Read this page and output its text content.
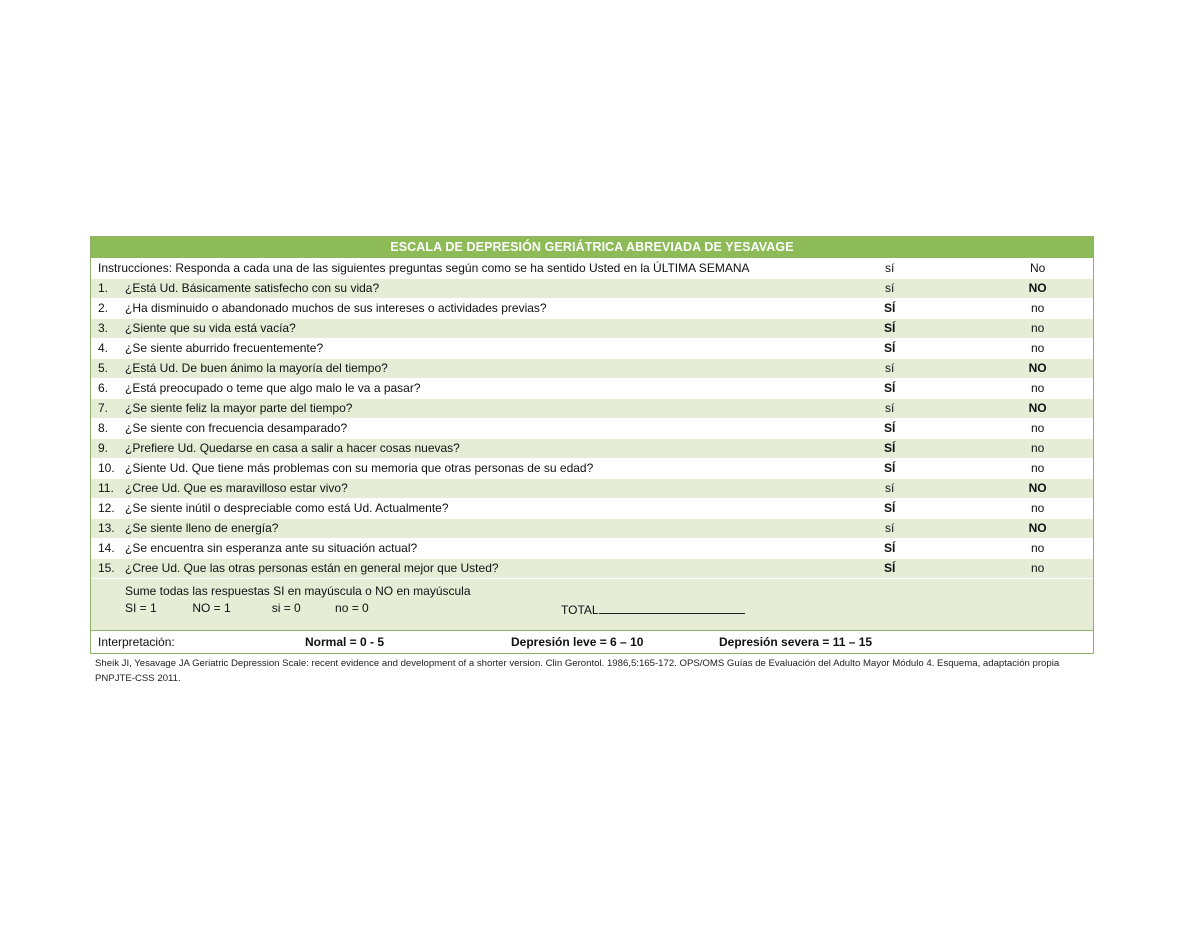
ESCALA DE DEPRESIÓN GERIÁTRICA ABREVIADA DE YESAVAGE
Instrucciones: Responda a cada una de las siguientes preguntas según como se ha sentido Usted en la ÚLTIMA SEMANA	sí	No
1. ¿Está Ud. Básicamente satisfecho con su vida?	sí	NO
2. ¿Ha disminuido o abandonado muchos de sus intereses o actividades previas?	SÍ	no
3. ¿Siente que su vida está vacía?	SÍ	no
4. ¿Se siente aburrido frecuentemente?	SÍ	no
5. ¿Está Ud. De buen ánimo la mayoría del tiempo?	sí	NO
6. ¿Está preocupado o teme que algo malo le va a pasar?	SÍ	no
7. ¿Se siente feliz la mayor parte del tiempo?	sí	NO
8. ¿Se siente con frecuencia desamparado?	SÍ	no
9. ¿Prefiere Ud. Quedarse en casa a salir a hacer cosas nuevas?	SÍ	no
10. ¿Siente Ud. Que tiene más problemas con su memoria que otras personas de su edad?	SÍ	no
11. ¿Cree Ud. Que es maravilloso estar vivo?	sí	NO
12. ¿Se siente inútil o despreciable como está Ud. Actualmente?	SÍ	no
13. ¿Se siente lleno de energía?	sí	NO
14. ¿Se encuentra sin esperanza ante su situación actual?	SÍ	no
15. ¿Cree Ud. Que las otras personas están en general mejor que Usted?	SÍ	no
Sume todas las respuestas SI en mayúscula o NO en mayúscula
SI = 1	NO = 1	si = 0	no = 0	TOTAL
Interpretación:	Normal = 0 - 5	Depresión leve = 6 – 10	Depresión severa = 11 – 15
Sheik JI, Yesavage JA Geriatric Depression Scale: recent evidence and development of a shorter version. Clin Gerontol. 1986,5:165-172. OPS/OMS Guías de Evaluación del Adulto Mayor Módulo 4. Esquema, adaptación propia PNPJTE-CSS 2011.
